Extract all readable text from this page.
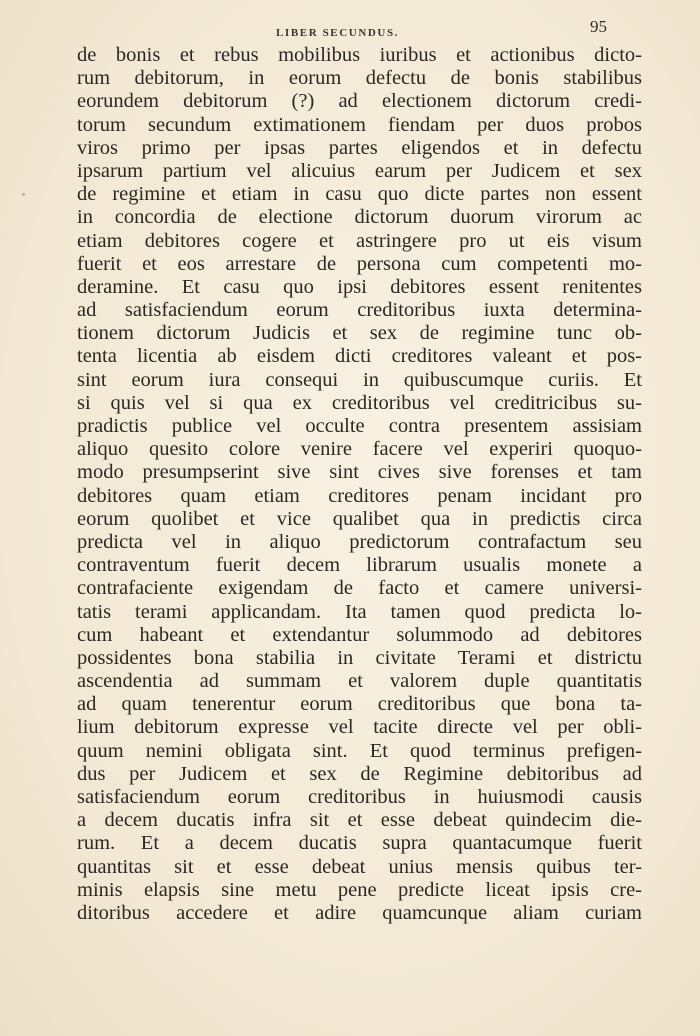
LIBER SECUNDUS.	95
de bonis et rebus mobilibus iuribus et actionibus dicto-
rum debitorum, in eorum defectu de bonis stabilibus
eorundem debitorum (?) ad electionem dictorum credi-
torum secundum extimationem fiendam per duos probos
viros primo per ipsas partes eligendos et in defectu
ipsarum partium vel alicuius earum per Judicem et sex
de regimine et etiam in casu quo dicte partes non essent
in concordia de electione dictorum duorum virorum ac
etiam debitores cogere et astringere pro ut eis visum
fuerit et eos arrestare de persona cum competenti mo-
deramine. Et casu quo ipsi debitores essent renitentes
ad satisfaciendum eorum creditoribus iuxta determina-
tionem dictorum Judicis et sex de regimine tunc ob-
tenta licentia ab eisdem dicti creditores valeant et pos-
sint eorum iura consequi in quibuscumque curiis. Et
si quis vel si qua ex creditoribus vel creditricibus su-
pradictis publice vel occulte contra presentem assisiam
aliquo quesito colore venire facere vel experiri quoquo-
modo presumpserint sive sint cives sive forenses et tam
debitores quam etiam creditores penam incidant pro
eorum quolibet et vice qualibet qua in predictis circa
predicta vel in aliquo predictorum contrafactum seu
contraventum fuerit decem librarum usualis monete a
contrafaciente exigendam de facto et camere universi-
tatis terami applicandam. Ita tamen quod predicta lo-
cum habeant et extendantur solummodo ad debitores
possidentes bona stabilia in civitate Terami et districtu
ascendentia ad summam et valorem duple quantitatis
ad quam tenerentur eorum creditoribus que bona ta-
lium debitorum expresse vel tacite directe vel per obli-
quum nemini obligata sint. Et quod terminus prefigen-
dus per Judicem et sex de Regimine debitoribus ad
satisfaciendum eorum creditoribus in huiusmodi causis
a decem ducatis infra sit et esse debeat quindecim die-
rum. Et a decem ducatis supra quantacumque fuerit
quantitas sit et esse debeat unius mensis quibus ter-
minis elapsis sine metu pene predicte liceat ipsis cre-
ditoribus accedere et adire quamcunque aliam curiam
